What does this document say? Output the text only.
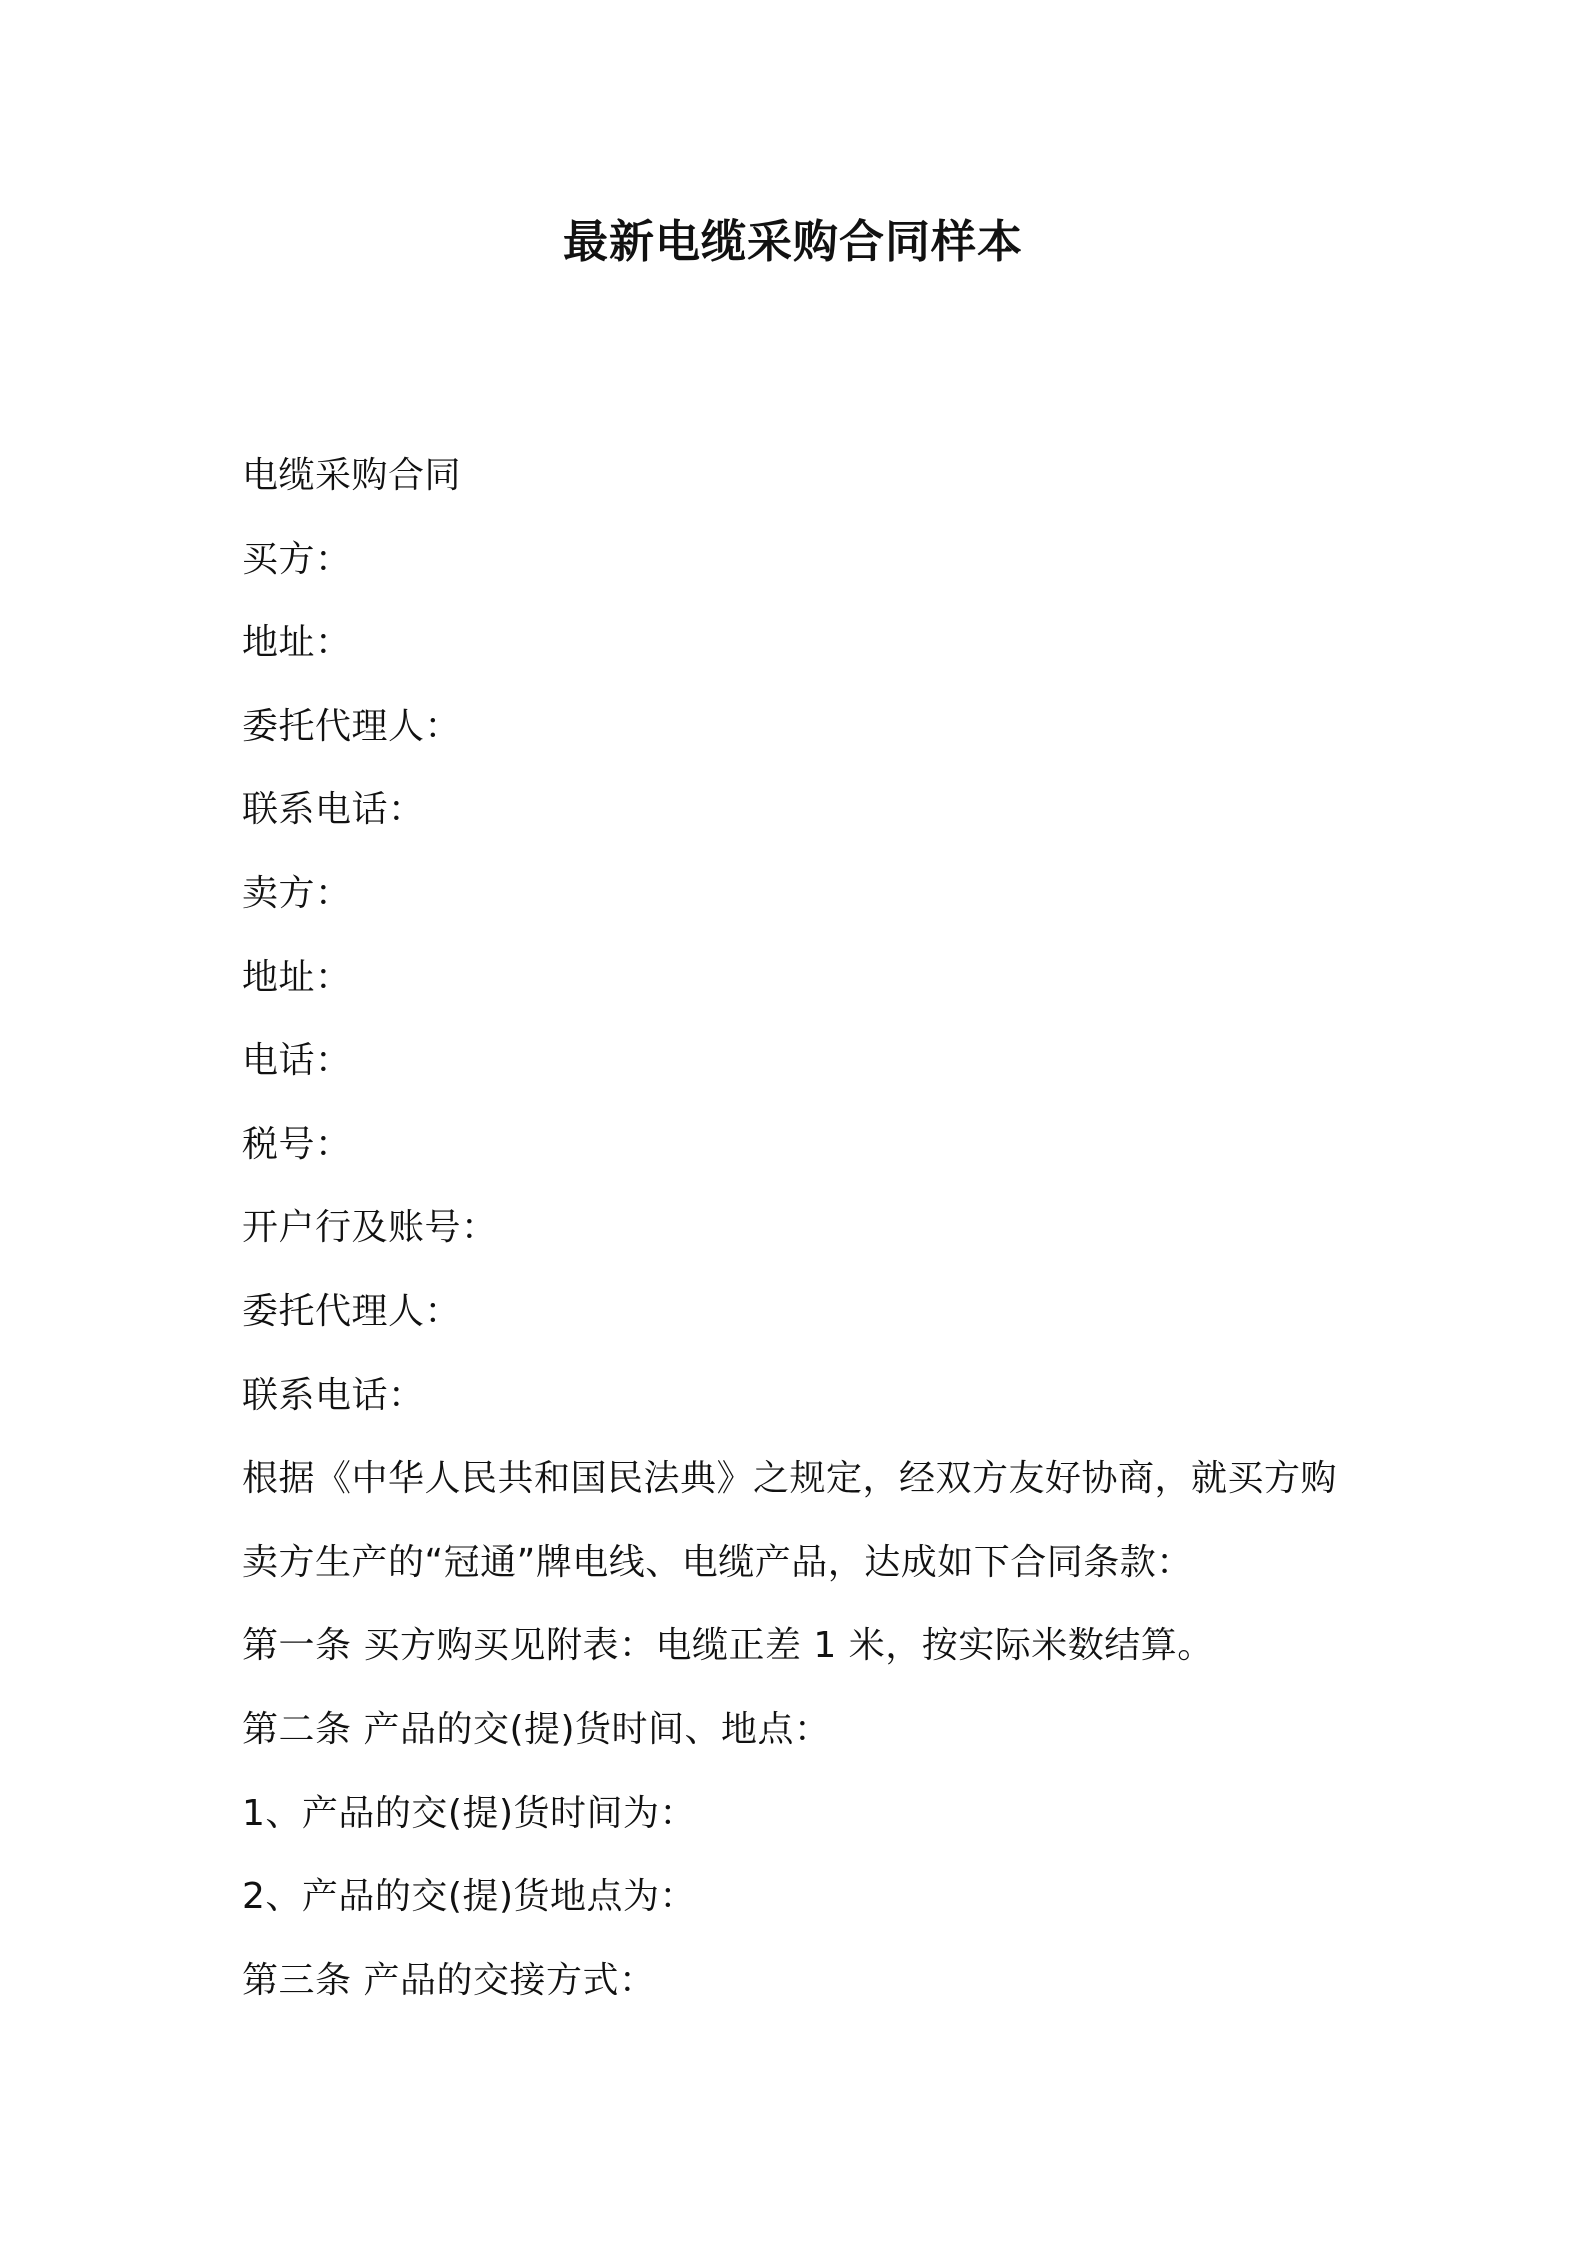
最新电缆采购合同样本
电缆采购合同
买方：
地址：
委托代理人：
联系电话：
卖方：
地址：
电话：
税号：
开户行及账号：
委托代理人：
联系电话：
根据《中华人民共和国民法典》之规定，经双方友好协商，就买方购
卖方生产的“冠通”牌电线、电缆产品，达成如下合同条款：
第一条 买方购买见附表：电缆正差 1 米，按实际米数结算。
第二条 产品的交(提)货时间、地点：
1、产品的交(提)货时间为：
2、产品的交(提)货地点为：
第三条 产品的交接方式：
